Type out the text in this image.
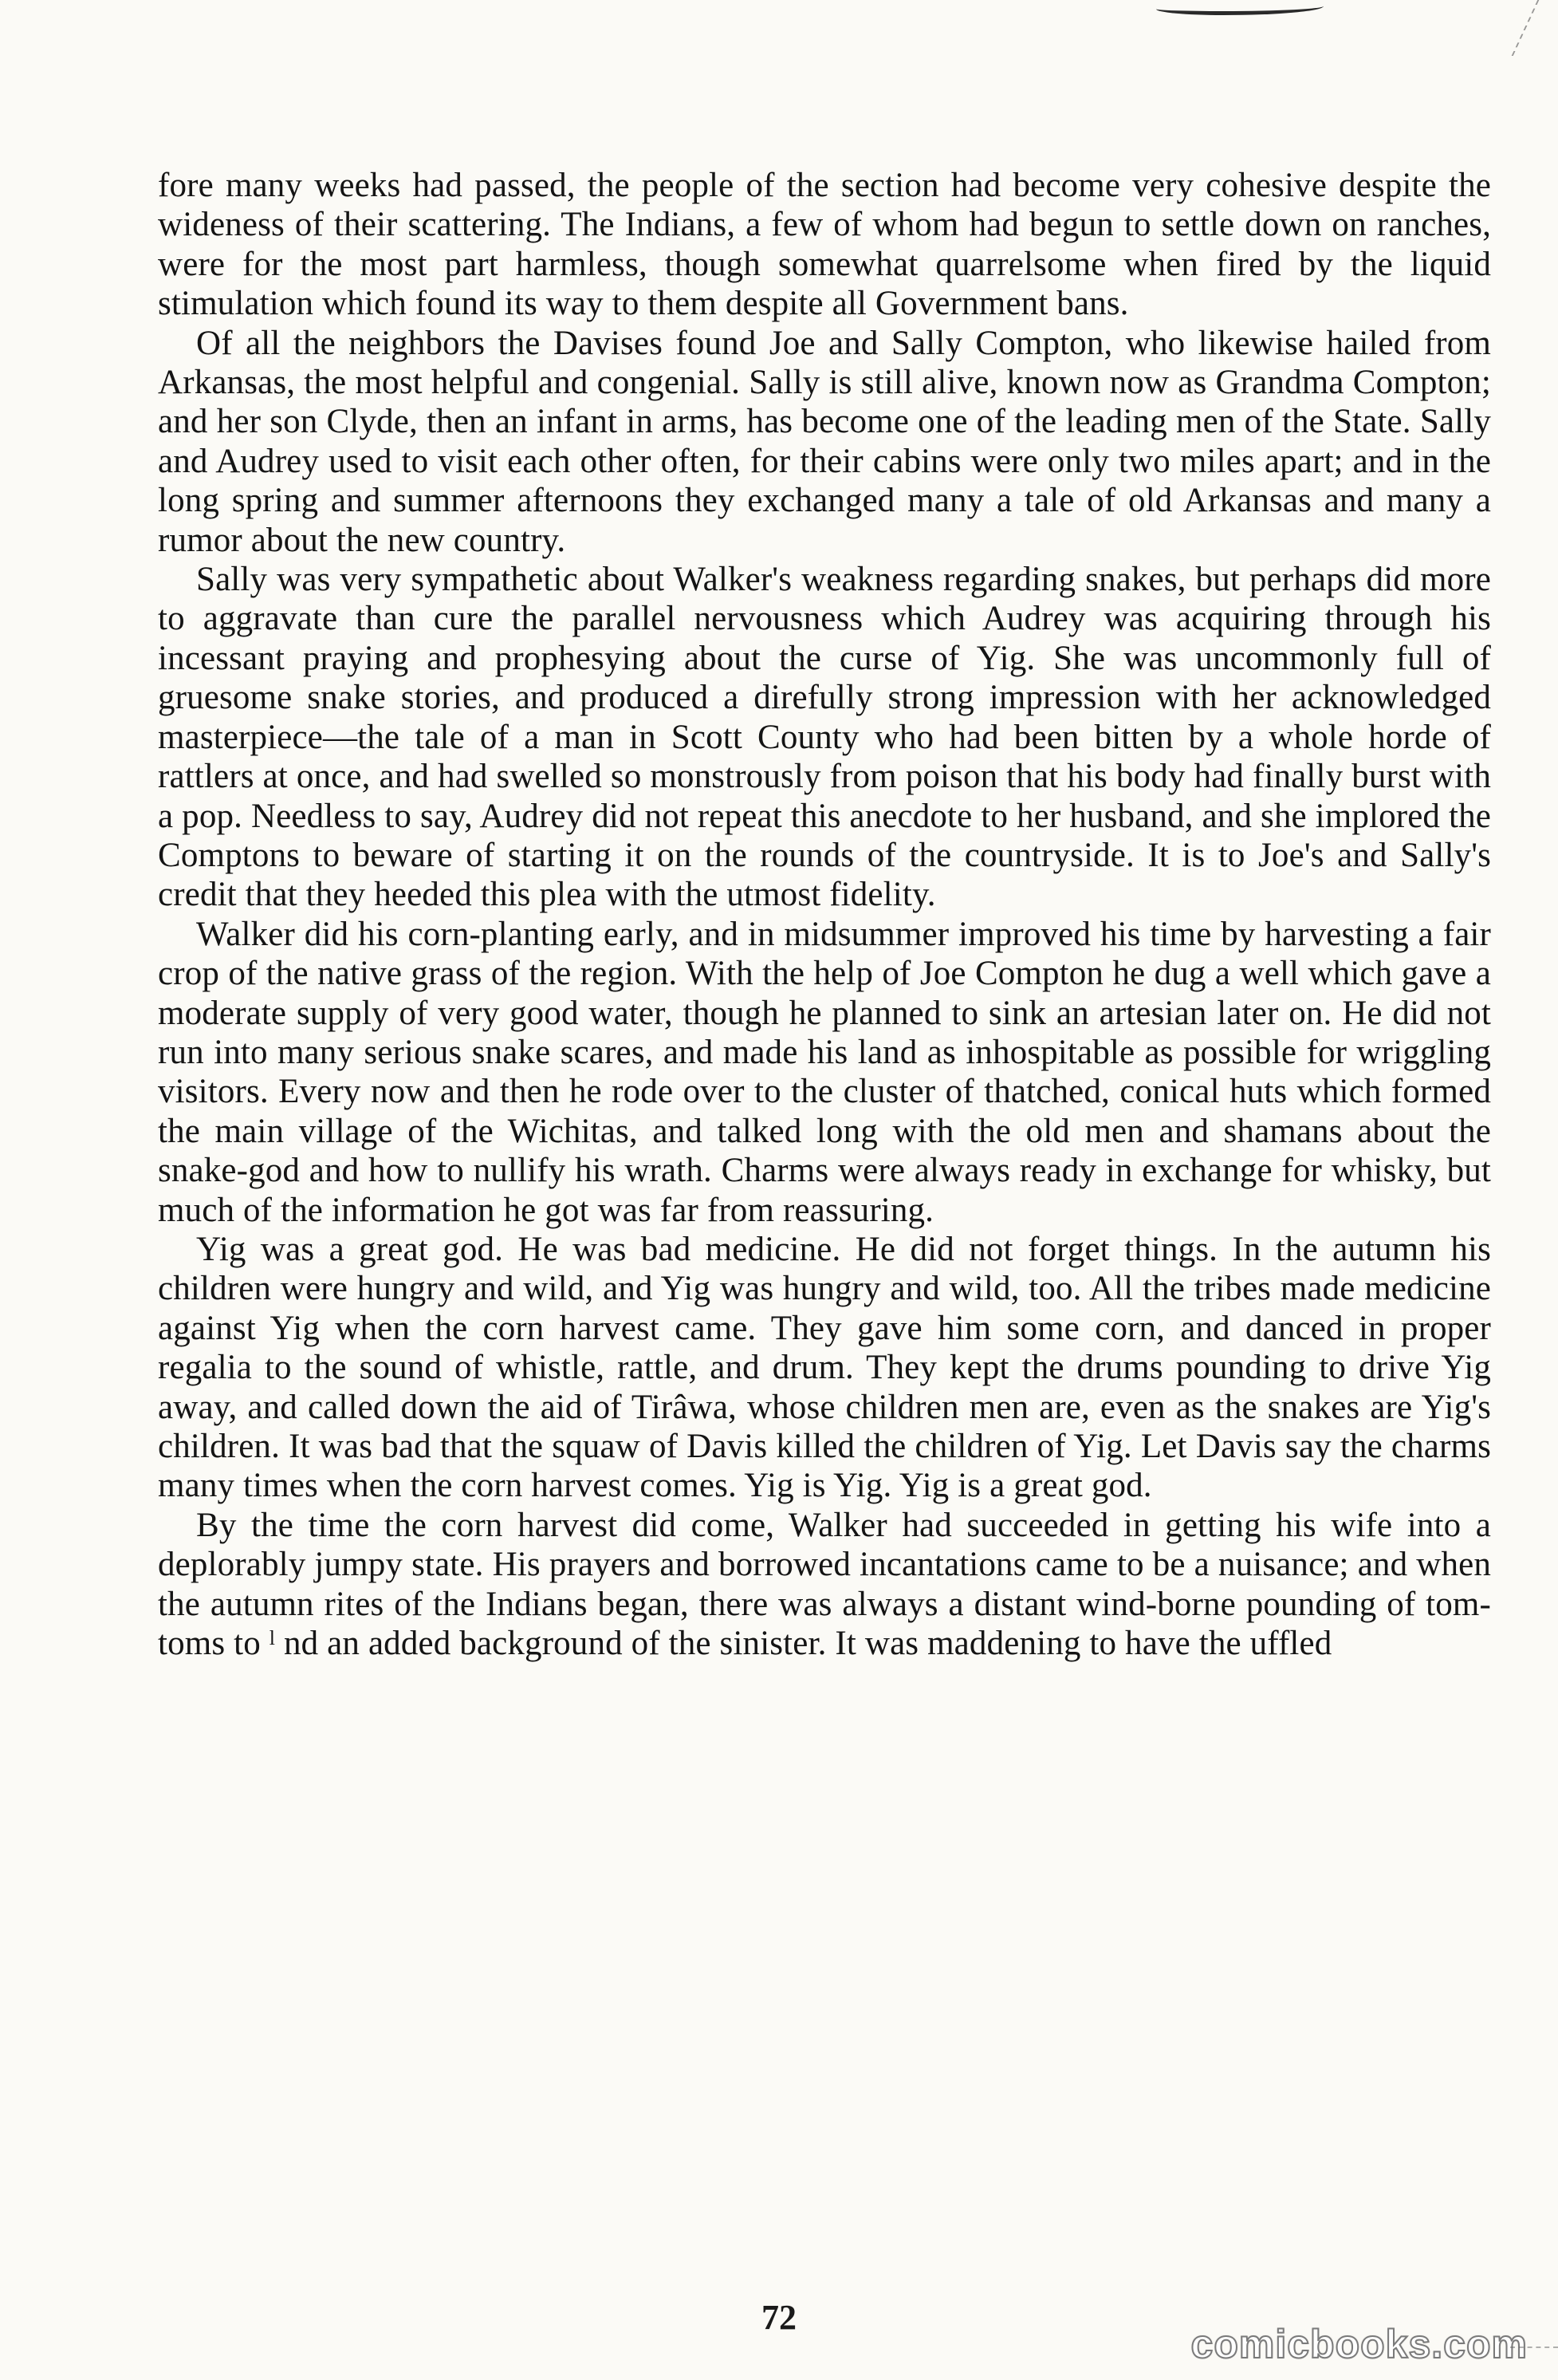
fore many weeks had passed, the people of the section had become very cohesive despite the wideness of their scattering. The Indians, a few of whom had begun to settle down on ranches, were for the most part harmless, though somewhat quarrelsome when fired by the liquid stimulation which found its way to them despite all Government bans.

Of all the neighbors the Davises found Joe and Sally Compton, who likewise hailed from Arkansas, the most helpful and congenial. Sally is still alive, known now as Grandma Compton; and her son Clyde, then an infant in arms, has become one of the leading men of the State. Sally and Audrey used to visit each other often, for their cabins were only two miles apart; and in the long spring and summer afternoons they exchanged many a tale of old Arkansas and many a rumor about the new country.

Sally was very sympathetic about Walker's weakness regarding snakes, but perhaps did more to aggravate than cure the parallel nervousness which Audrey was acquiring through his incessant praying and prophesying about the curse of Yig. She was uncommonly full of gruesome snake stories, and produced a direfully strong impression with her acknowledged masterpiece—the tale of a man in Scott County who had been bitten by a whole horde of rattlers at once, and had swelled so monstrously from poison that his body had finally burst with a pop. Needless to say, Audrey did not repeat this anecdote to her husband, and she implored the Comptons to beware of starting it on the rounds of the countryside. It is to Joe's and Sally's credit that they heeded this plea with the utmost fidelity.

Walker did his corn-planting early, and in midsummer improved his time by harvesting a fair crop of the native grass of the region. With the help of Joe Compton he dug a well which gave a moderate supply of very good water, though he planned to sink an artesian later on. He did not run into many serious snake scares, and made his land as inhospitable as possible for wriggling visitors. Every now and then he rode over to the cluster of thatched, conical huts which formed the main village of the Wichitas, and talked long with the old men and shamans about the snake-god and how to nullify his wrath. Charms were always ready in exchange for whisky, but much of the information he got was far from reassuring.

Yig was a great god. He was bad medicine. He did not forget things. In the autumn his children were hungry and wild, and Yig was hungry and wild, too. All the tribes made medicine against Yig when the corn harvest came. They gave him some corn, and danced in proper regalia to the sound of whistle, rattle, and drum. They kept the drums pounding to drive Yig away, and called down the aid of Tirâwa, whose children men are, even as the snakes are Yig's children. It was bad that the squaw of Davis killed the children of Yig. Let Davis say the charms many times when the corn harvest comes. Yig is Yig. Yig is a great god.

By the time the corn harvest did come, Walker had succeeded in getting his wife into a deplorably jumpy state. His prayers and borrowed incantations came to be a nuisance; and when the autumn rites of the Indians began, there was always a distant wind-borne pounding of tom-toms to ˡ nd an added background of the sinister. It was maddening to have the uffled

72
comicbooks.com
